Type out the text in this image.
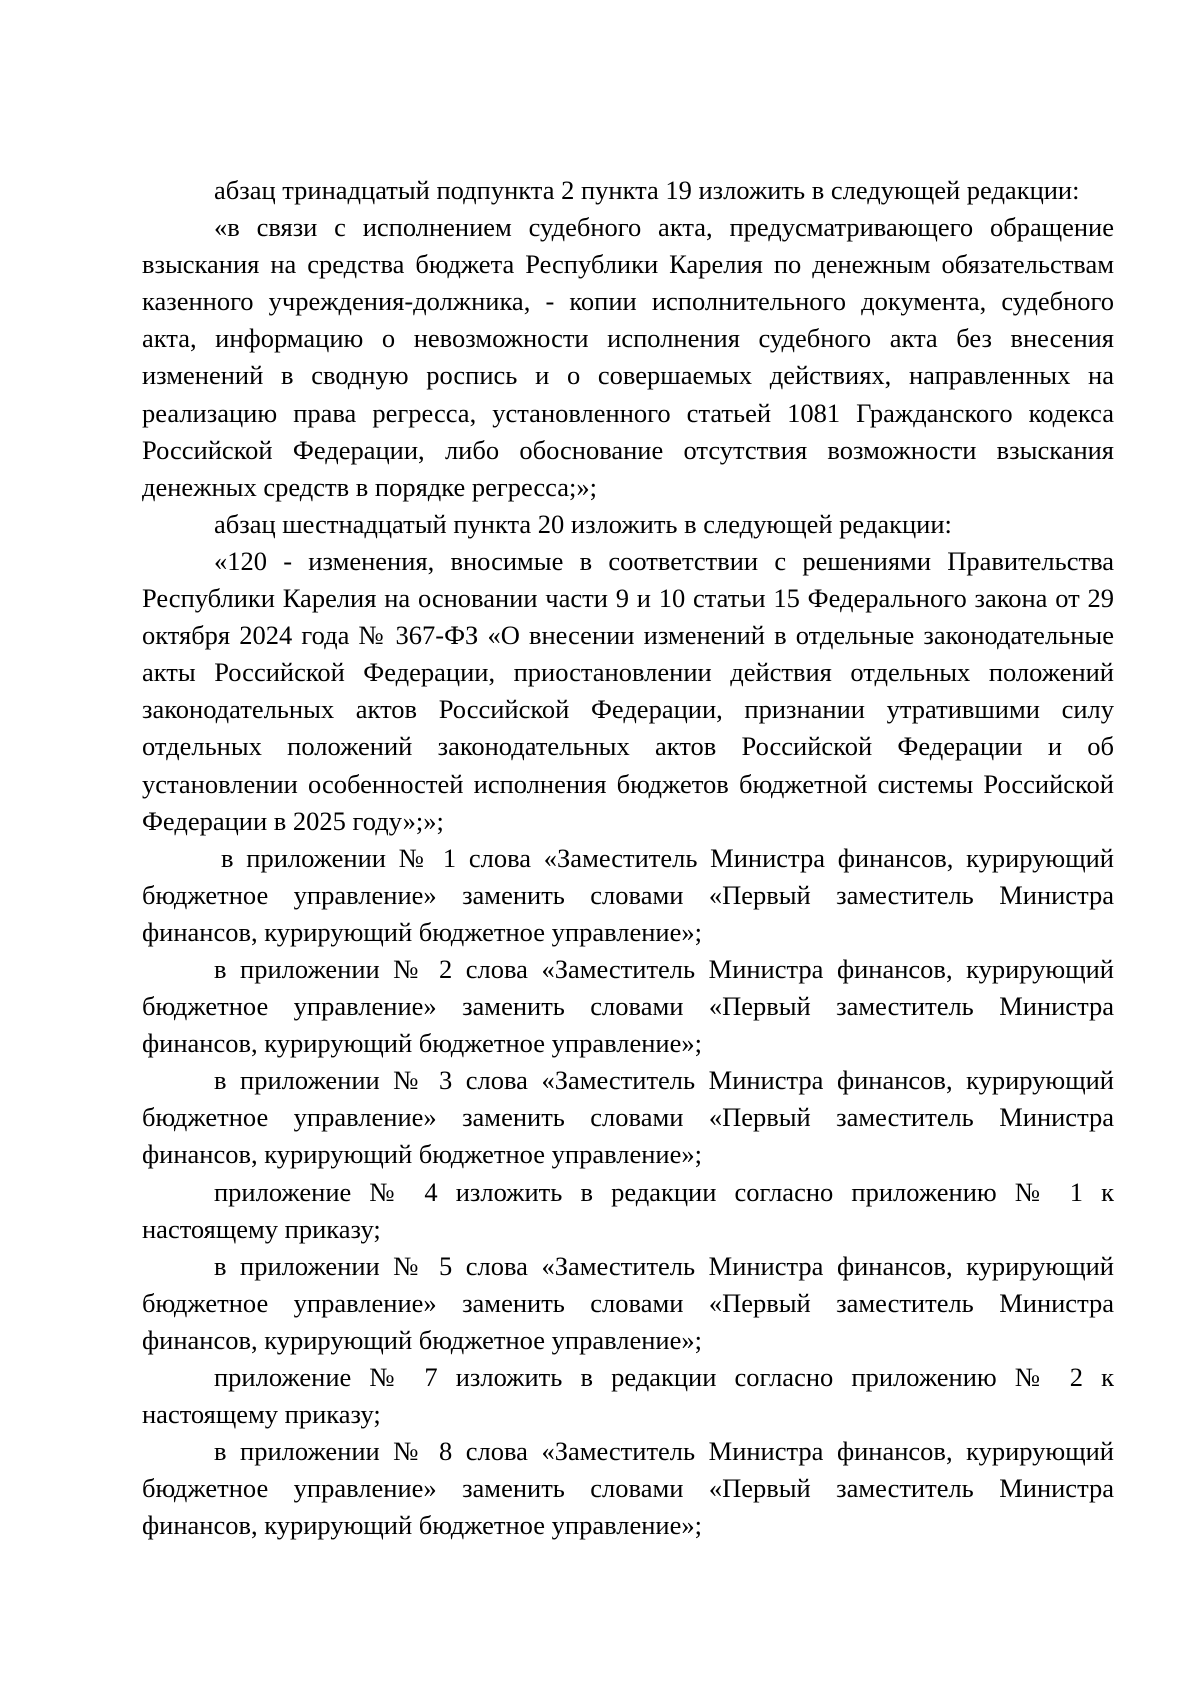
абзац тринадцатый подпункта 2 пункта 19 изложить в следующей редакции:

«в связи с исполнением судебного акта, предусматривающего обращение взыскания на средства бюджета Республики Карелия по денежным обязательствам казенного учреждения-должника, - копии исполнительного документа, судебного акта, информацию о невозможности исполнения судебного акта без внесения изменений в сводную роспись и о совершаемых действиях, направленных на реализацию права регресса, установленного статьей 1081 Гражданского кодекса Российской Федерации, либо обоснование отсутствия возможности взыскания денежных средств в порядке регресса;»;

абзац шестнадцатый пункта 20 изложить в следующей редакции:

«120 - изменения, вносимые в соответствии с решениями Правительства Республики Карелия на основании части 9 и 10 статьи 15 Федерального закона от 29 октября 2024 года № 367-ФЗ «О внесении изменений в отдельные законодательные акты Российской Федерации, приостановлении действия отдельных положений законодательных актов Российской Федерации, признании утратившими силу отдельных положений законодательных актов Российской Федерации и об установлении особенностей исполнения бюджетов бюджетной системы Российской Федерации в 2025 году»;»;

в приложении № 1 слова «Заместитель Министра финансов, курирующий бюджетное управление» заменить словами «Первый заместитель Министра финансов, курирующий бюджетное управление»;

в приложении № 2 слова «Заместитель Министра финансов, курирующий бюджетное управление» заменить словами «Первый заместитель Министра финансов, курирующий бюджетное управление»;

в приложении № 3 слова «Заместитель Министра финансов, курирующий бюджетное управление» заменить словами «Первый заместитель Министра финансов, курирующий бюджетное управление»;

приложение № 4 изложить в редакции согласно приложению № 1 к настоящему приказу;

в приложении № 5 слова «Заместитель Министра финансов, курирующий бюджетное управление» заменить словами «Первый заместитель Министра финансов, курирующий бюджетное управление»;

приложение № 7 изложить в редакции согласно приложению № 2 к настоящему приказу;

в приложении № 8 слова «Заместитель Министра финансов, курирующий бюджетное управление» заменить словами «Первый заместитель Министра финансов, курирующий бюджетное управление»;
